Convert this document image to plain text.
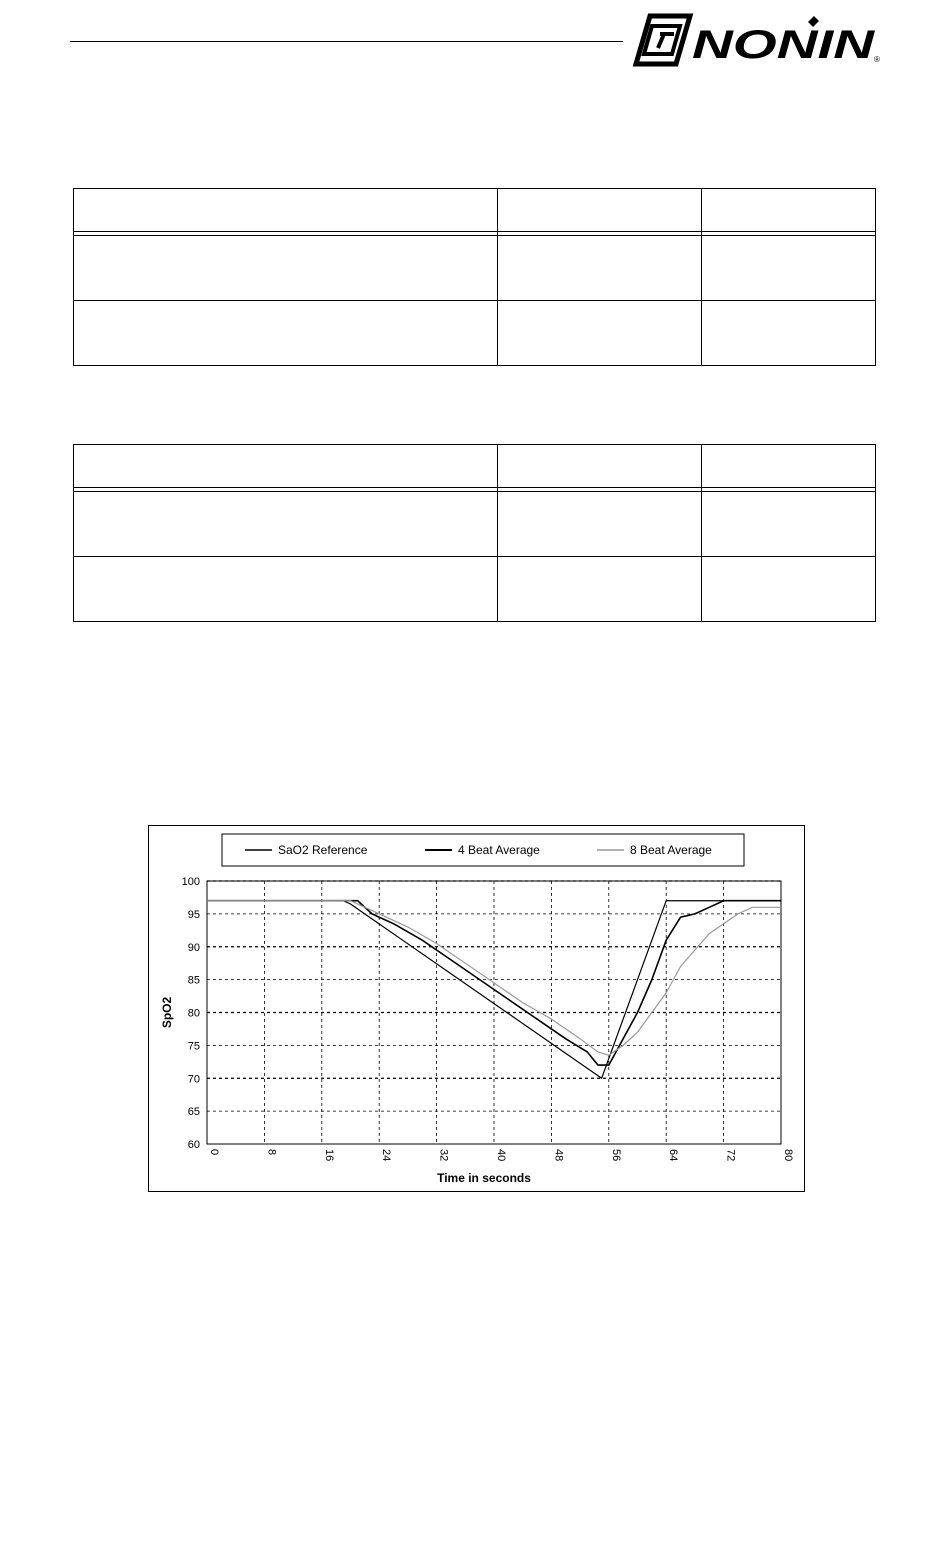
NONIN
®

100
95
90
85
80
75
70
65
60
0	8	16	24	32	40	48	56	64	72	80
Time in seconds
SpO2
SaO2 Reference	4 Beat Average	8 Beat Average
